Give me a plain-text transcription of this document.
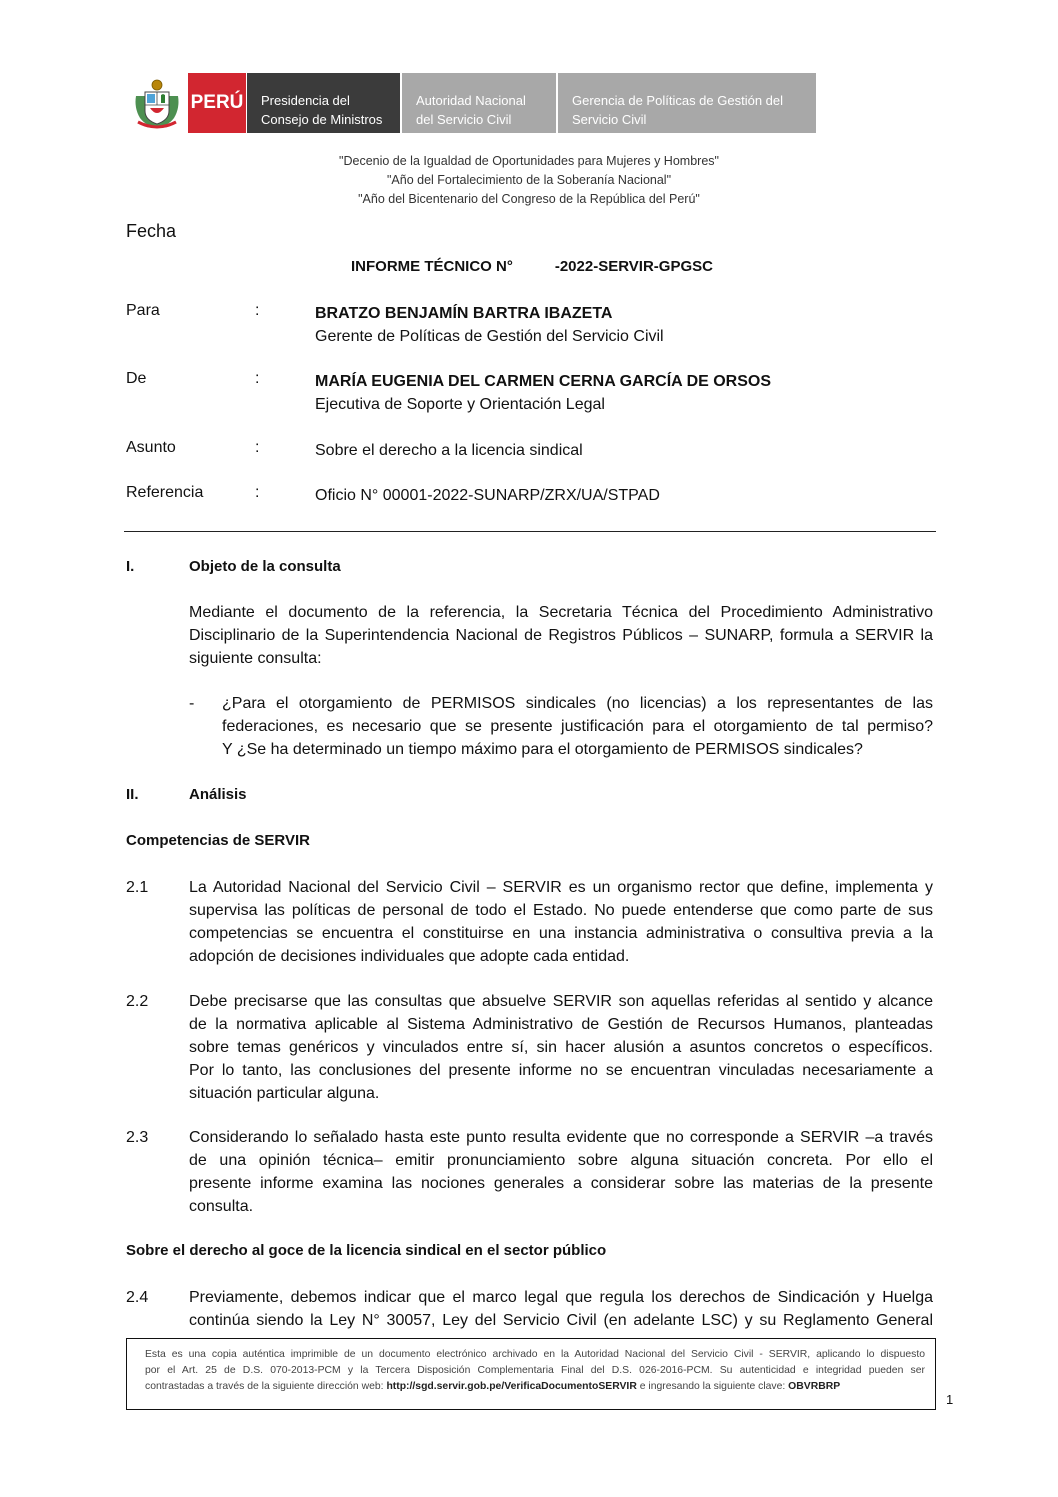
PERÚ Presidencia del
Consejo de Ministros
Autoridad Nacional
del Servicio Civil
Gerencia de Políticas de Gestión del
Servicio Civil
"Decenio de la Igualdad de Oportunidades para Mujeres y Hombres"
"Año del Fortalecimiento de la Soberanía Nacional"
"Año del Bicentenario del Congreso de la República del Perú"
Fecha
INFORME TÉCNICO N°	-2022-SERVIR-GPGSC
Para	:	BRATZO BENJAMÍN BARTRA IBAZETA
Gerente de Políticas de Gestión del Servicio Civil
De	:	MARÍA EUGENIA DEL CARMEN CERNA GARCÍA DE ORSOS
Ejecutiva de Soporte y Orientación Legal
Asunto	:	Sobre el derecho a la licencia sindical
Referencia	:	Oficio N° 00001-2022-SUNARP/ZRX/UA/STPAD
I.	Objeto de la consulta
Mediante el documento de la referencia, la Secretaria Técnica del Procedimiento Administrativo
Disciplinario de la Superintendencia Nacional de Registros Públicos – SUNARP, formula a SERVIR la
siguiente consulta:
- ¿Para el otorgamiento de PERMISOS sindicales (no licencias) a los representantes de las
federaciones, es necesario que se presente justificación para el otorgamiento de tal permiso?
Y ¿Se ha determinado un tiempo máximo para el otorgamiento de PERMISOS sindicales?
II.	Análisis
Competencias de SERVIR
2.1	La Autoridad Nacional del Servicio Civil – SERVIR es un organismo rector que define, implementa y
supervisa las políticas de personal de todo el Estado. No puede entenderse que como parte de sus
competencias se encuentra el constituirse en una instancia administrativa o consultiva previa a la
adopción de decisiones individuales que adopte cada entidad.
2.2	Debe precisarse que las consultas que absuelve SERVIR son aquellas referidas al sentido y alcance
de la normativa aplicable al Sistema Administrativo de Gestión de Recursos Humanos, planteadas
sobre temas genéricos y vinculados entre sí, sin hacer alusión a asuntos concretos o específicos.
Por lo tanto, las conclusiones del presente informe no se encuentran vinculadas necesariamente a
situación particular alguna.
2.3	Considerando lo señalado hasta este punto resulta evidente que no corresponde a SERVIR –a través
de una opinión técnica– emitir pronunciamiento sobre alguna situación concreta. Por ello el
presente informe examina las nociones generales a considerar sobre las materias de la presente
consulta.
Sobre el derecho al goce de la licencia sindical en el sector público
2.4	Previamente, debemos indicar que el marco legal que regula los derechos de Sindicación y Huelga
continúa siendo la Ley N° 30057, Ley del Servicio Civil (en adelante LSC) y su Reglamento General
Esta es una copia auténtica imprimible de un documento electrónico archivado en la Autoridad Nacional del Servicio Civil - SERVIR, aplicando lo dispuesto
por el Art. 25 de D.S. 070-2013-PCM y la Tercera Disposición Complementaria Final del D.S. 026-2016-PCM. Su autenticidad e integridad pueden ser
contrastadas a través de la siguiente dirección web: http://sgd.servir.gob.pe/VerificaDocumentoSERVIR e ingresando la siguiente clave: OBVRBRP
1
